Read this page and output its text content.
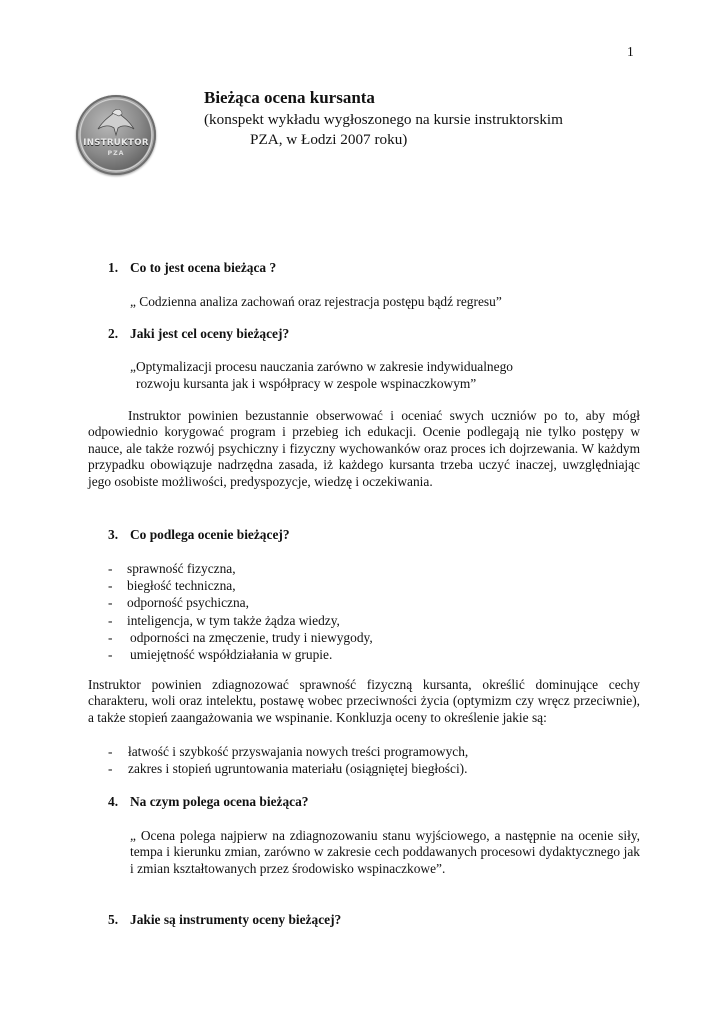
1
INSTRUKTOR
PZA
Bieżąca ocena kursanta
(konspekt wykładu wygłoszonego na kursie instruktorskim
PZA, w Łodzi 2007 roku)
1. Co to jest ocena bieżąca ?
„ Codzienna analiza zachowań oraz rejestracja postępu bądź regresu”
2. Jaki jest cel oceny bieżącej?
„Optymalizacji procesu nauczania zarówno w zakresie indywidualnego
rozwoju kursanta jak i współpracy w zespole wspinaczkowym”
Instruktor powinien bezustannie obserwować i oceniać swych uczniów po to, aby mógł odpowiednio korygować program i przebieg ich edukacji. Ocenie podlegają nie tylko postępy w nauce, ale także rozwój psychiczny i fizyczny wychowanków oraz proces ich dojrzewania. W każdym przypadku obowiązuje nadrzędna zasada, iż każdego kursanta trzeba uczyć inaczej, uwzględniając jego osobiste możliwości, predyspozycje, wiedzę i oczekiwania.
3. Co podlega ocenie bieżącej?
- sprawność fizyczna,
- biegłość techniczna,
- odporność psychiczna,
- inteligencja, w tym także żądza wiedzy,
- odporności na zmęczenie, trudy i niewygody,
- umiejętność współdziałania w grupie.
Instruktor powinien zdiagnozować sprawność fizyczną kursanta, określić dominujące cechy charakteru, woli oraz intelektu, postawę wobec przeciwności życia (optymizm czy wręcz przeciwnie), a także stopień zaangażowania we wspinanie. Konkluzja oceny to określenie jakie są:
- łatwość i szybkość przyswajania nowych treści programowych,
- zakres i stopień ugruntowania materiału (osiągniętej biegłości).
4. Na czym polega ocena bieżąca?
„ Ocena polega najpierw na zdiagnozowaniu stanu wyjściowego, a następnie na ocenie siły, tempa i kierunku zmian, zarówno w zakresie cech poddawanych procesowi dydaktycznego jak i zmian kształtowanych przez środowisko wspinaczkowe”.
5. Jakie są instrumenty oceny bieżącej?
